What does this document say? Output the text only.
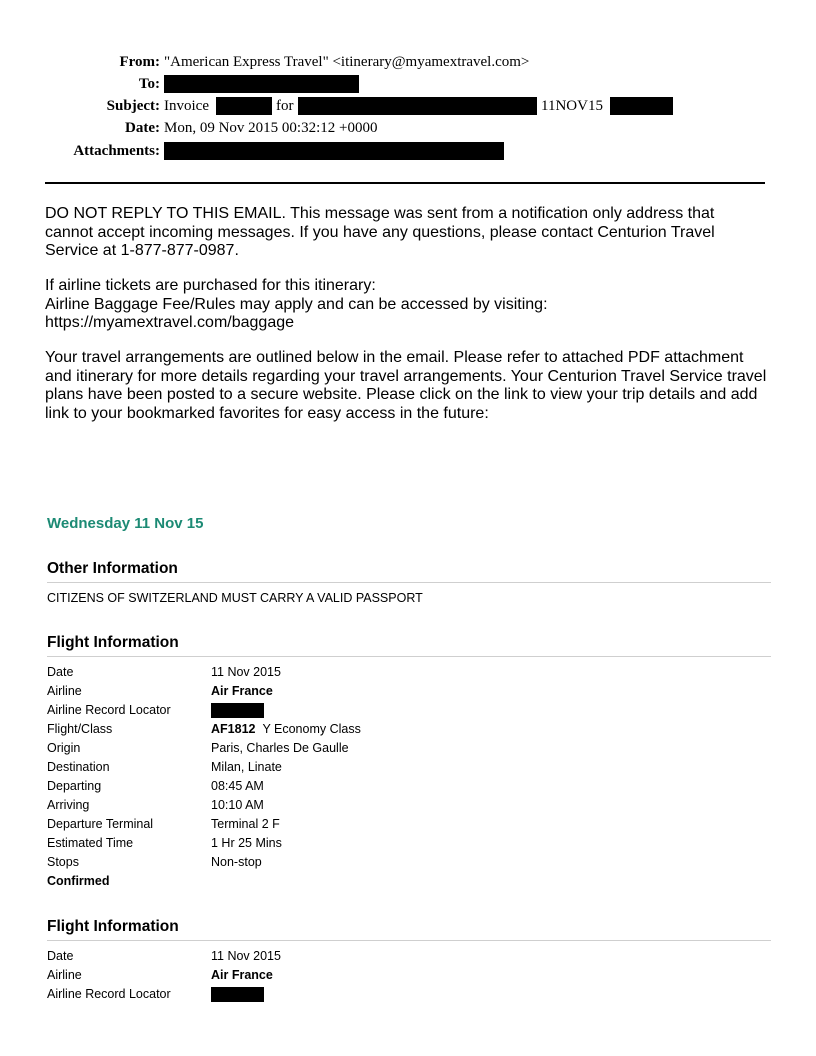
From: "American Express Travel" <itinerary@myamextravel.com>
To:
Subject: Invoice	for	11NOV15
Date: Mon, 09 Nov 2015 00:32:12 +0000
Attachments:
DO NOT REPLY TO THIS EMAIL. This message was sent from a notification only address that
cannot accept incoming messages. If you have any questions, please contact Centurion Travel
Service at 1-877-877-0987.
If airline tickets are purchased for this itinerary:
Airline Baggage Fee/Rules may apply and can be accessed by visiting:
https://myamextravel.com/baggage
Your travel arrangements are outlined below in the email. Please refer to attached PDF attachment
and itinerary for more details regarding your travel arrangements. Your Centurion Travel Service travel
plans have been posted to a secure website. Please click on the link to view your trip details and add
link to your bookmarked favorites for easy access in the future:
Wednesday 11 Nov 15
Other Information
CITIZENS OF SWITZERLAND MUST CARRY A VALID PASSPORT
Flight Information
Date	11 Nov 2015
Airline	Air France
Airline Record Locator
Flight/Class	AF1812 Y Economy Class
Origin	Paris, Charles De Gaulle
Destination	Milan, Linate
Departing	08:45 AM
Arriving	10:10 AM
Departure Terminal	Terminal 2 F
Estimated Time	1 Hr 25 Mins
Stops	Non-stop
Confirmed
Flight Information
Date	11 Nov 2015
Airline	Air France
Airline Record Locator
